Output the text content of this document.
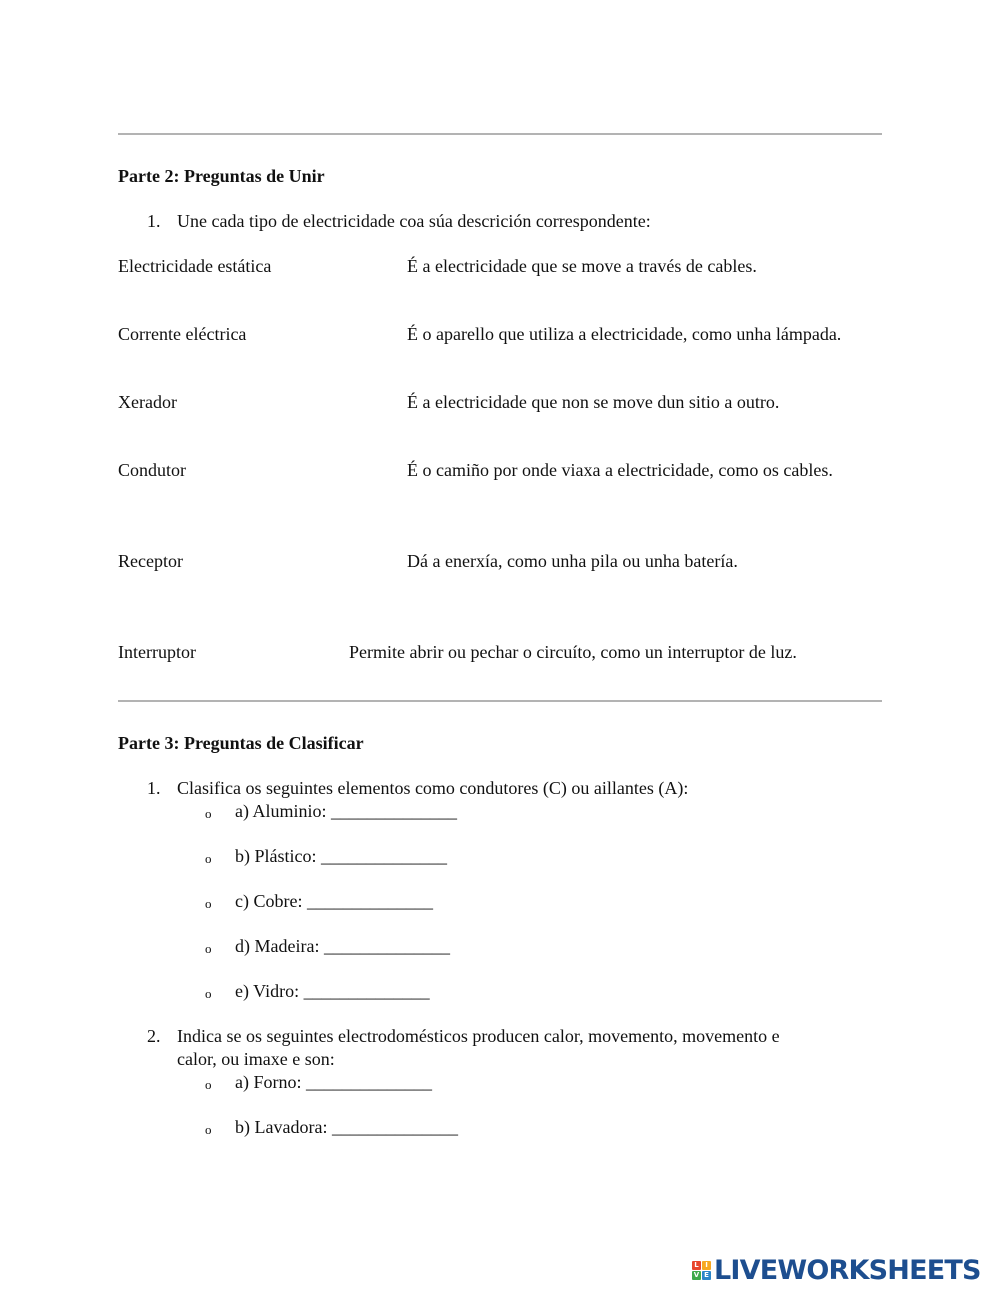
Parte 2: Preguntas de Unir
1. Une cada tipo de electricidade coa súa descrición correspondente:
Electricidade estática	É a electricidade que se move a través de cables.
Corrente eléctrica	É o aparello que utiliza a electricidade, como unha lámpada.
Xerador	É a electricidade que non se move dun sitio a outro.
Condutor	É o camiño por onde viaxa a electricidade, como os cables.
Receptor	Dá a enerxía, como unha pila ou unha batería.
Interruptor	Permite abrir ou pechar o circuíto, como un interruptor de luz.
Parte 3: Preguntas de Clasificar
1. Clasifica os seguintes elementos como condutores (C) ou aillantes (A):
o a) Aluminio: ______________
o b) Plástico: ______________
o c) Cobre: ______________
o d) Madeira: ______________
o e) Vidro: ______________
2. Indica se os seguintes electrodomésticos producen calor, movemento, movemento e
calor, ou imaxe e son:
o a) Forno: ______________
o b) Lavadora: ______________
L I
V E LIVEWORKSHEETS
